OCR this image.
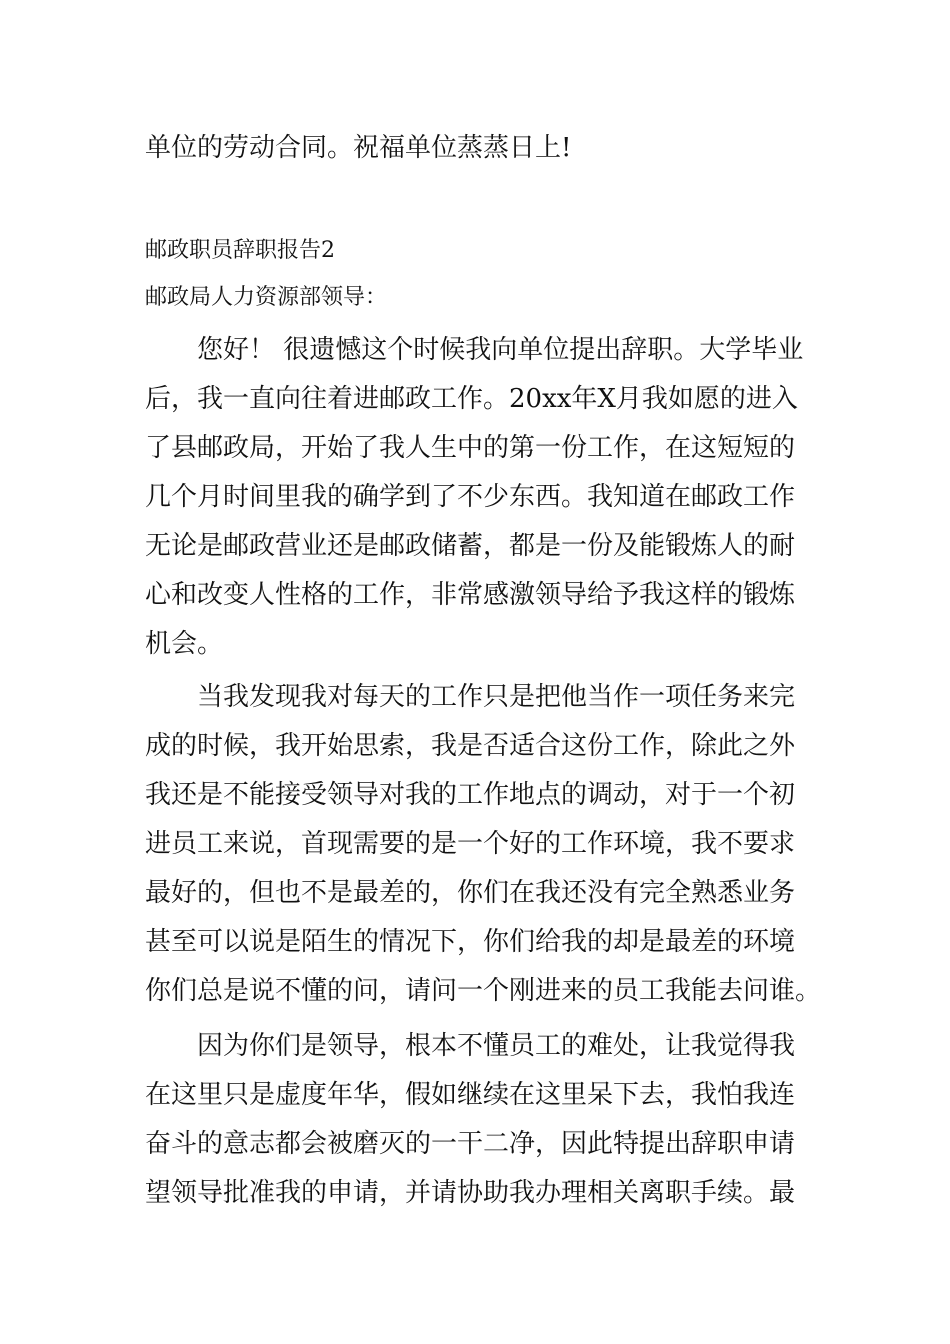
单位的劳动合同。祝福单位蒸蒸日上!

邮政职员辞职报告2

邮政局人力资源部领导：

您好！ 很遗憾这个时候我向单位提出辞职。大学毕业

后，我一直向往着进邮政工作。20xx年X月我如愿的进入

了县邮政局，开始了我人生中的第一份工作，在这短短的

几个月时间里我的确学到了不少东西。我知道在邮政工作

无论是邮政营业还是邮政储蓄，都是一份及能锻炼人的耐

心和改变人性格的工作，非常感激领导给予我这样的锻炼

机会。

当我发现我对每天的工作只是把他当作一项任务来完

成的时候，我开始思索，我是否适合这份工作，除此之外

我还是不能接受领导对我的工作地点的调动，对于一个初

进员工来说，首现需要的是一个好的工作环境，我不要求

最好的，但也不是最差的，你们在我还没有完全熟悉业务

甚至可以说是陌生的情况下，你们给我的却是最差的环境

你们总是说不懂的问，请问一个刚进来的员工我能去问谁。

因为你们是领导，根本不懂员工的难处，让我觉得我

在这里只是虚度年华，假如继续在这里呆下去，我怕我连

奋斗的意志都会被磨灭的一干二净，因此特提出辞职申请

望领导批准我的申请，并请协助我办理相关离职手续。最
